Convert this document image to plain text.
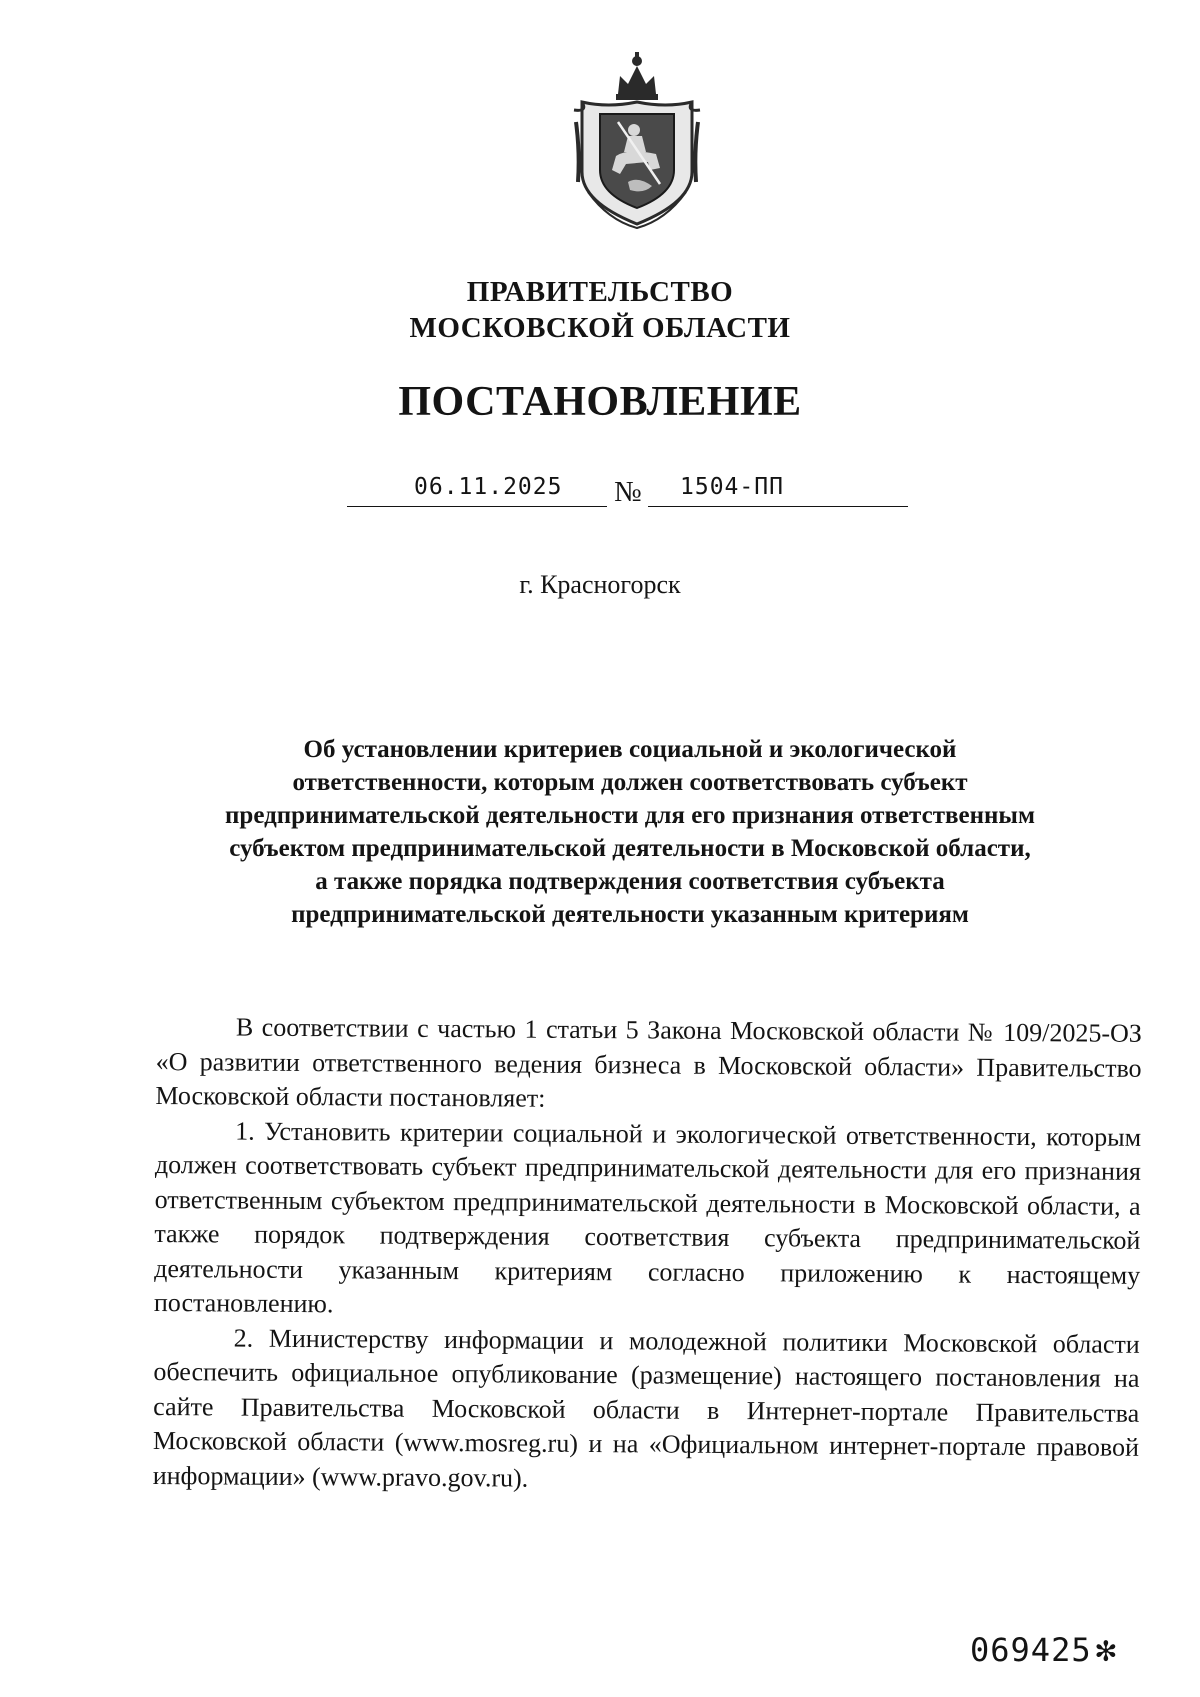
ПРАВИТЕЛЬСТВО
МОСКОВСКОЙ ОБЛАСТИ
ПОСТАНОВЛЕНИЕ
06.11.2025 № 1504-ПП
г. Красногорск
Об установлении критериев социальной и экологической
ответственности, которым должен соответствовать субъект
предпринимательской деятельности для его признания ответственным
субъектом предпринимательской деятельности в Московской области,
а также порядка подтверждения соответствия субъекта
предпринимательской деятельности указанным критериям

В соответствии с частью 1 статьи 5 Закона Московской области № 109/2025-ОЗ «О развитии ответственного ведения бизнеса в Московской области» Правительство Московской области постановляет:

1. Установить критерии социальной и экологической ответственности, которым должен соответствовать субъект предпринимательской деятельности для его признания ответственным субъектом предпринимательской деятельности в Московской области, а также порядок подтверждения соответствия субъекта предпринимательской деятельности указанным критериям согласно приложению к настоящему постановлению.

2. Министерству информации и молодежной политики Московской области обеспечить официальное опубликование (размещение) настоящего постановления на сайте Правительства Московской области в Интернет-портале Правительства Московской области (www.mosreg.ru) и на «Официальном интернет-портале правовой информации» (www.pravo.gov.ru).

069425 ✻
